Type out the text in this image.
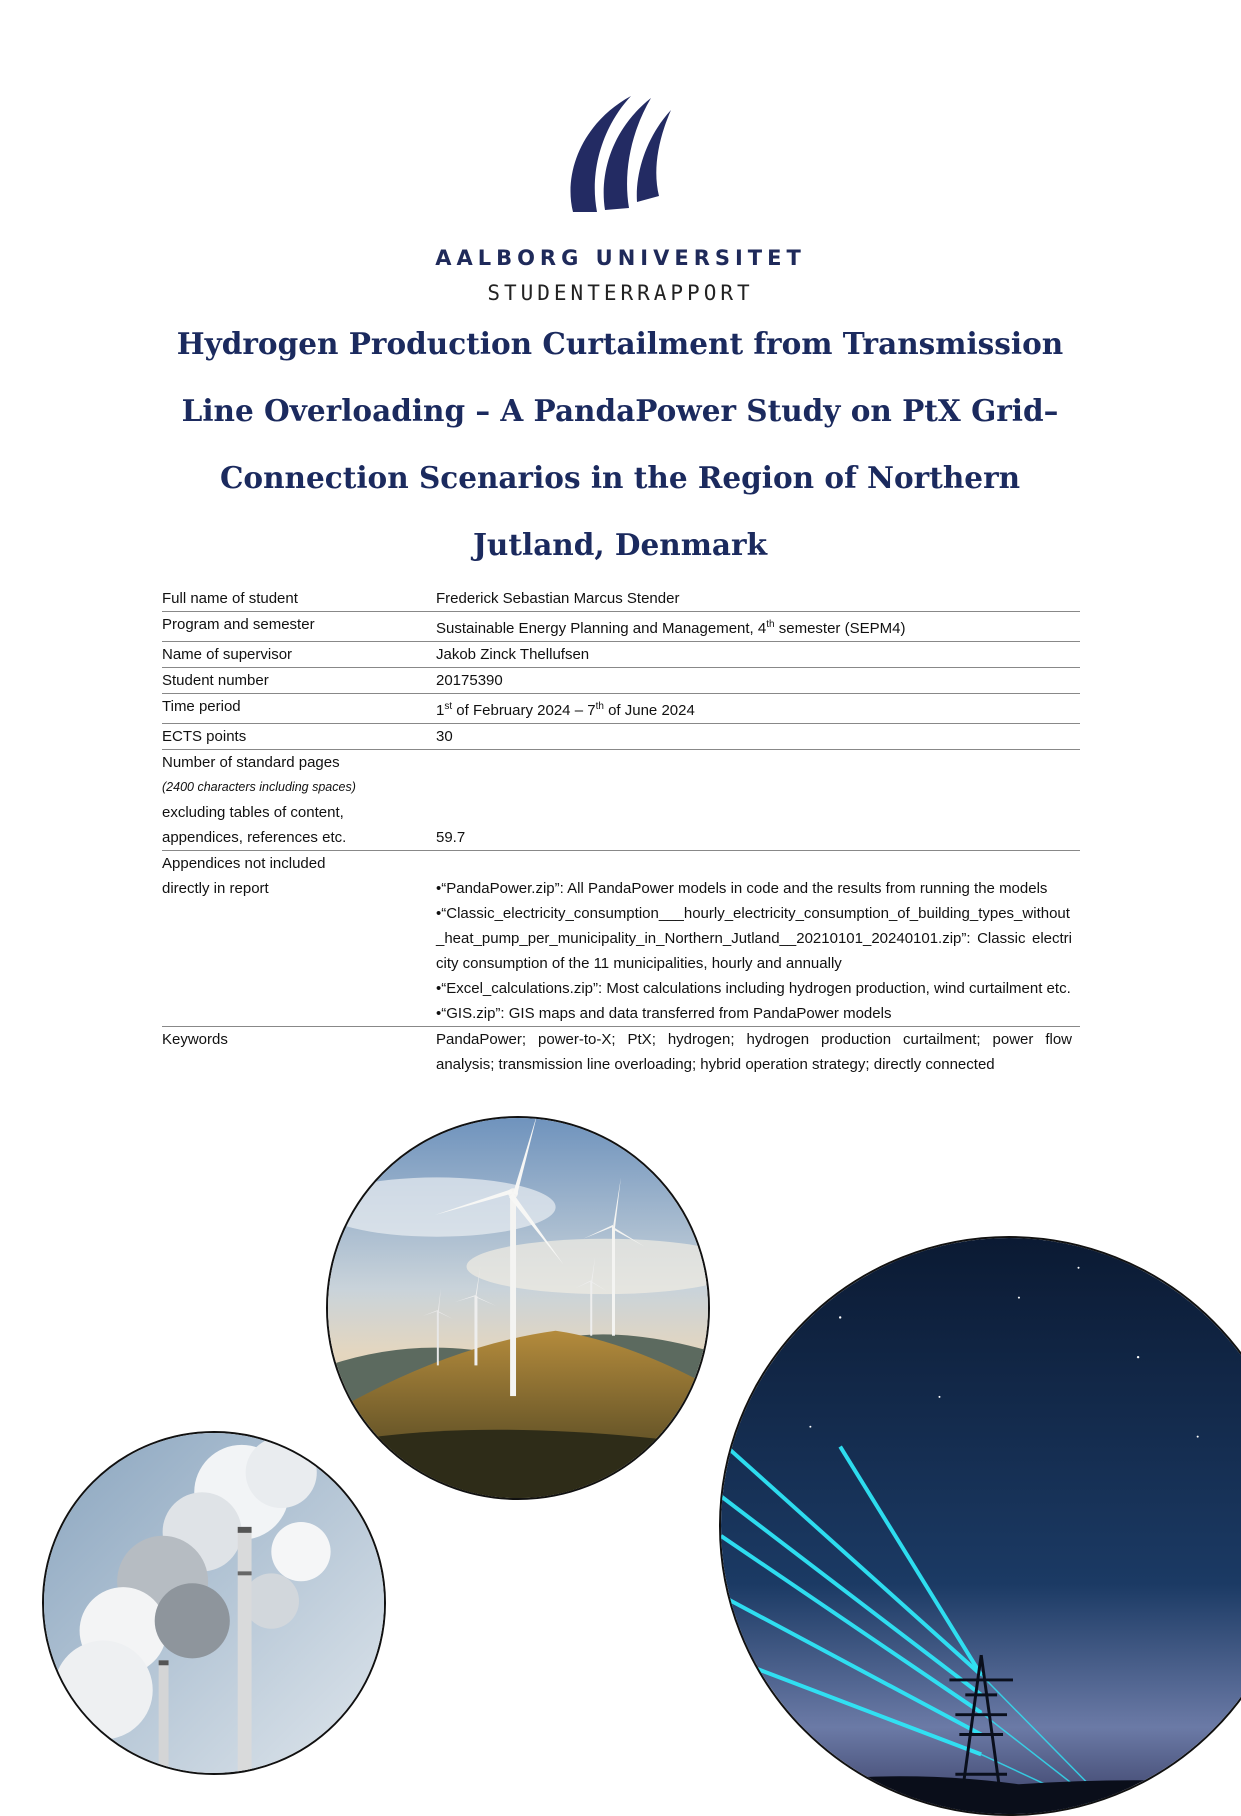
AALBORG UNIVERSITET
STUDENTERRAPPORT
Hydrogen Production Curtailment from Transmission Line Overloading – A PandaPower Study on PtX Grid–Connection Scenarios in the Region of Northern Jutland, Denmark
Full name of student	Frederick Sebastian Marcus Stender
Program and semester	Sustainable Energy Planning and Management, 4th semester (SEPM4)
Name of supervisor	Jakob Zinck Thellufsen
Student number	20175390
Time period	1st of February 2024 – 7th of June 2024
ECTS points	30
Number of standard pages
(2400 characters including spaces)
excluding tables of content,
appendices, references etc.	59.7
Appendices not included
directly in report	•“PandaPower.zip”: All PandaPower models in code and the results from running the models
•“Classic_electricity_consumption___hourly_electricity_consumption_of_building_types_without_heat_pump_per_municipality_in_Northern_Jutland__20210101_20240101.zip”: Classic electricity consumption of the 11 municipalities, hourly and annually
•“Excel_calculations.zip”: Most calculations including hydrogen production, wind curtailment etc.
•“GIS.zip”: GIS maps and data transferred from PandaPower models
Keywords	PandaPower; power-to-X; PtX; hydrogen; hydrogen production curtailment; power flow analysis; transmission line overloading; hybrid operation strategy; directly connected
